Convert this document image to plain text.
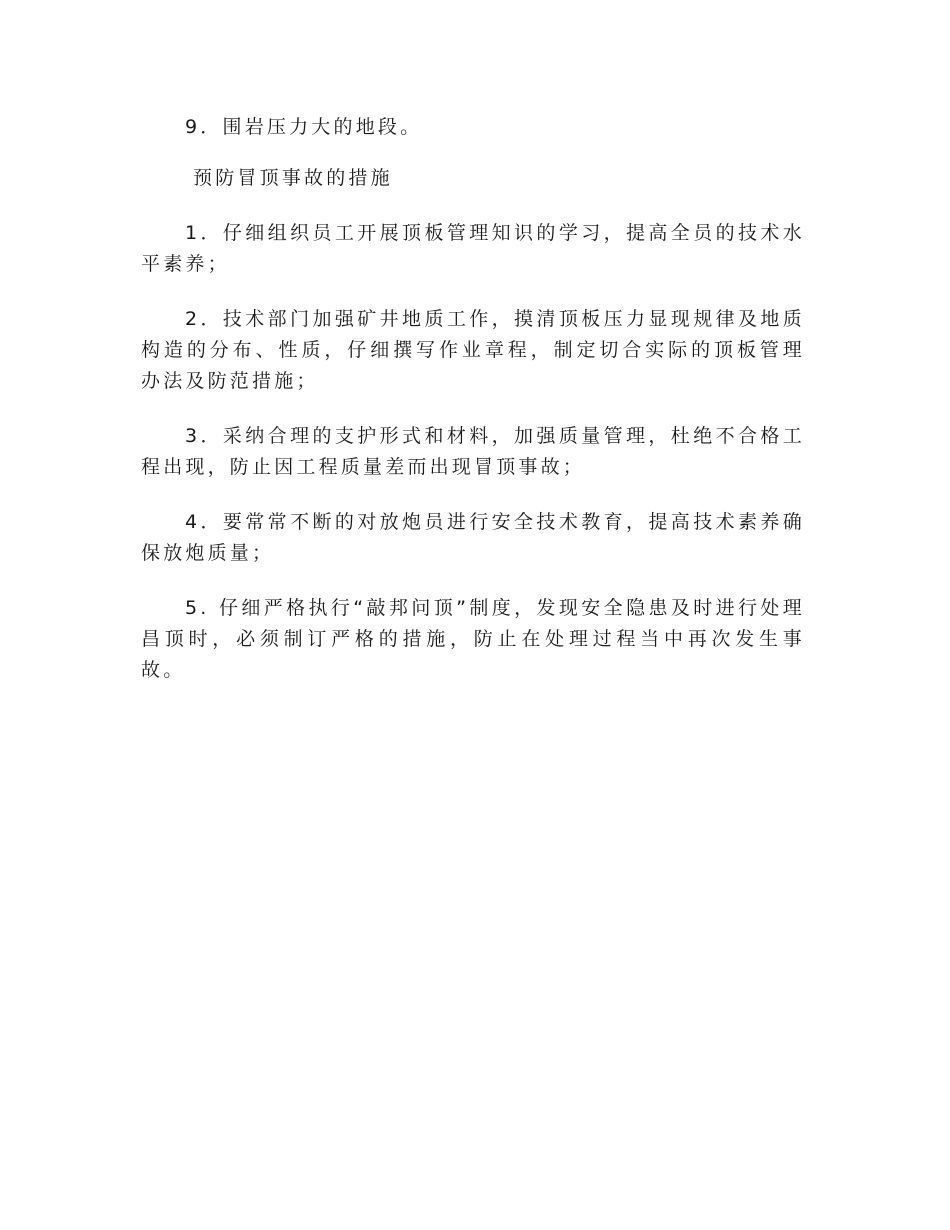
9．围岩压力大的地段。

预防冒顶事故的措施

1．仔细组织员工开展顶板管理知识的学习，提高全员的技术水平素养；

2．技术部门加强矿井地质工作，摸清顶板压力显现规律及地质构造的分布、性质，仔细撰写作业章程，制定切合实际的顶板管理办法及防范措施；

3．采纳合理的支护形式和材料，加强质量管理，杜绝不合格工程出现，防止因工程质量差而出现冒顶事故；

4．要常常不断的对放炮员进行安全技术教育，提高技术素养确保放炮质量；

5. 仔细严格执行“敲邦问顶”制度，发现安全隐患及时进行处理昌顶时，必须制订严格的措施，防止在处理过程当中再次发生事故。
